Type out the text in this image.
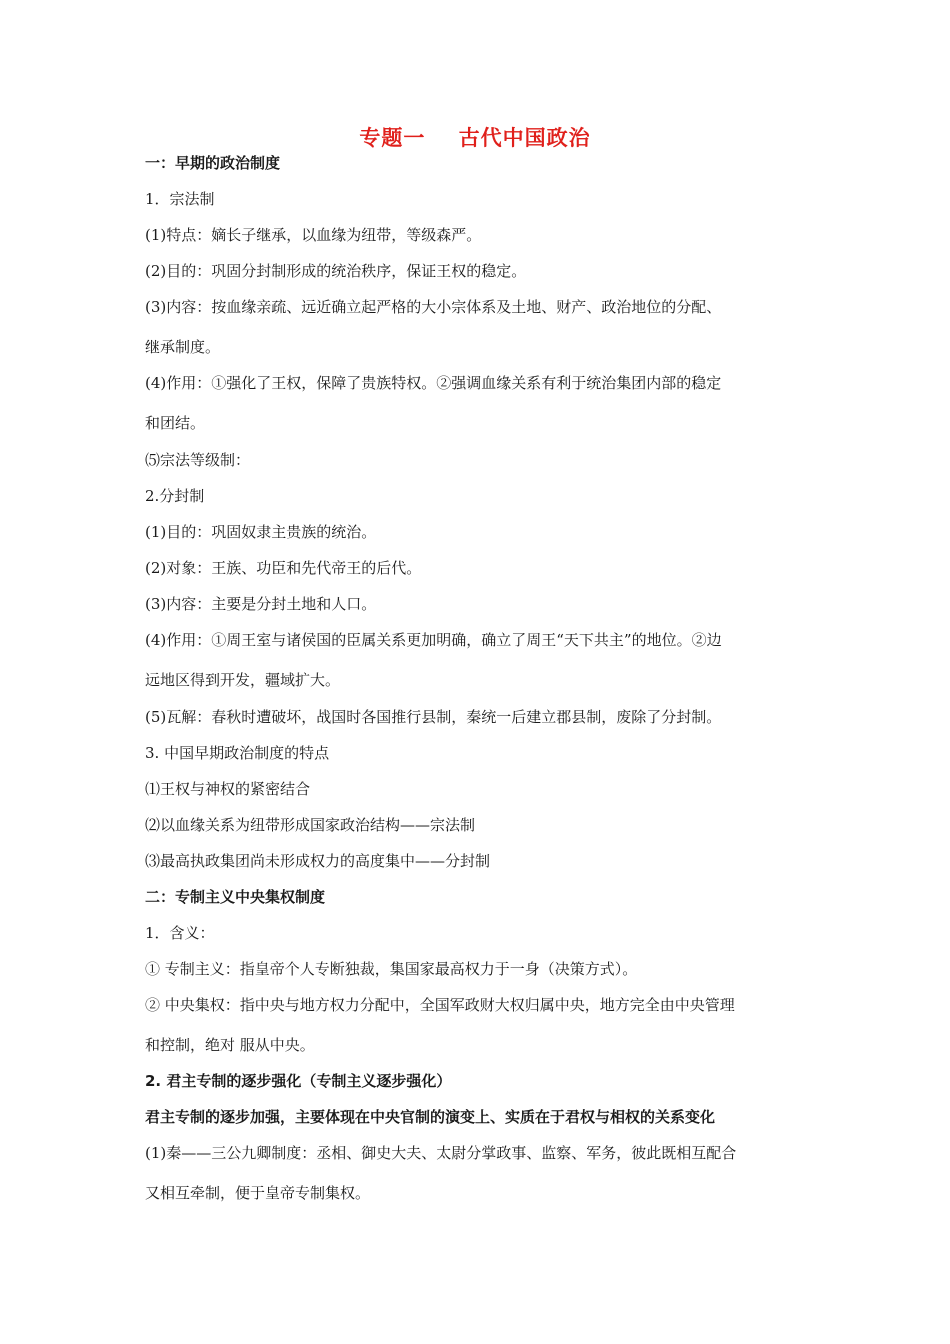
专题一    古代中国政治
一：早期的政治制度
1．宗法制
(1)特点：嫡长子继承，以血缘为纽带，等级森严。
(2)目的：巩固分封制形成的统治秩序，保证王权的稳定。
(3)内容：按血缘亲疏、远近确立起严格的大小宗体系及土地、财产、政治地位的分配、
继承制度。
(4)作用：①强化了王权，保障了贵族特权。②强调血缘关系有利于统治集团内部的稳定
和团结。
⑸宗法等级制：
2.分封制
(1)目的：巩固奴隶主贵族的统治。
(2)对象：王族、功臣和先代帝王的后代。
(3)内容：主要是分封土地和人口。
(4)作用：①周王室与诸侯国的臣属关系更加明确，确立了周王“天下共主”的地位。②边
远地区得到开发，疆域扩大。
(5)瓦解：春秋时遭破坏，战国时各国推行县制，秦统一后建立郡县制，废除了分封制。
3. 中国早期政治制度的特点
⑴王权与神权的紧密结合
⑵以血缘关系为纽带形成国家政治结构——宗法制
⑶最高执政集团尚未形成权力的高度集中——分封制
二：专制主义中央集权制度
1．含义：
① 专制主义：指皇帝个人专断独裁，集国家最高权力于一身（决策方式）。
② 中央集权：指中央与地方权力分配中，全国军政财大权归属中央，地方完全由中央管理
和控制，绝对 服从中央。
2. 君主专制的逐步强化（专制主义逐步强化）
君主专制的逐步加强，主要体现在中央官制的演变上、实质在于君权与相权的关系变化
(1)秦——三公九卿制度：丞相、御史大夫、太尉分掌政事、监察、军务，彼此既相互配合
又相互牵制，便于皇帝专制集权。
